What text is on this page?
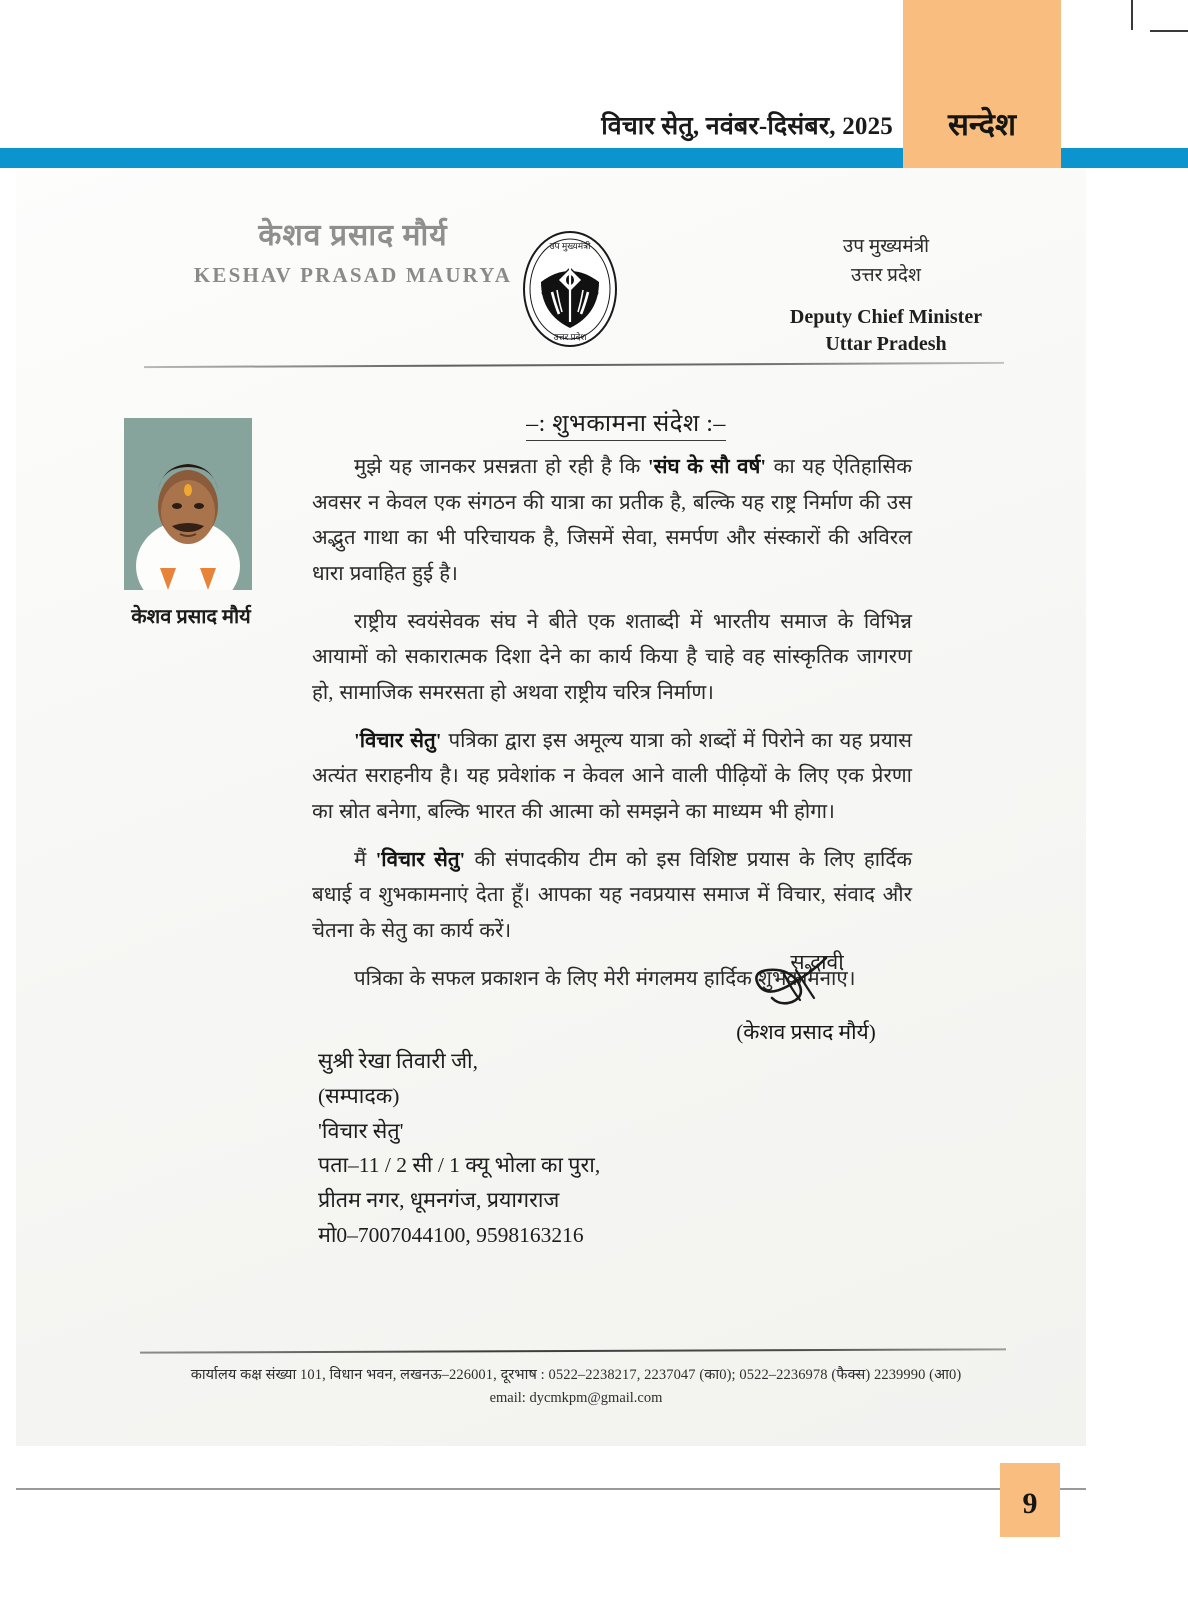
विचार सेतु, नवंबर-दिसंबर, 2025	सन्देश
केशव प्रसाद मौर्य
KESHAV PRASAD MAURYA
उप मुख्यमंत्री
उत्तर प्रदेश
उप मुख्यमंत्री
उत्तर प्रदेश
Deputy Chief Minister
Uttar Pradesh
–: शुभकामना संदेश :–
केशव प्रसाद मौर्य

मुझे यह जानकर प्रसन्नता हो रही है कि 'संघ के सौ वर्ष' का यह ऐतिहासिक अवसर न केवल एक संगठन की यात्रा का प्रतीक है, बल्कि यह राष्ट्र निर्माण की उस अद्भुत गाथा का भी परिचायक है, जिसमें सेवा, समर्पण और संस्कारों की अविरल धारा प्रवाहित हुई है।

राष्ट्रीय स्वयंसेवक संघ ने बीते एक शताब्दी में भारतीय समाज के विभिन्न आयामों को सकारात्मक दिशा देने का कार्य किया है चाहे वह सांस्कृतिक जागरण हो, सामाजिक समरसता हो अथवा राष्ट्रीय चरित्र निर्माण।

'विचार सेतु' पत्रिका द्वारा इस अमूल्य यात्रा को शब्दों में पिरोने का यह प्रयास अत्यंत सराहनीय है। यह प्रवेशांक न केवल आने वाली पीढ़ियों के लिए एक प्रेरणा का स्रोत बनेगा, बल्कि भारत की आत्मा को समझने का माध्यम भी होगा।

मैं 'विचार सेतु' की संपादकीय टीम को इस विशिष्ट प्रयास के लिए हार्दिक बधाई व शुभकामनाएं देता हूँ। आपका यह नवप्रयास समाज में विचार, संवाद और चेतना के सेतु का कार्य करें।

पत्रिका के सफल प्रकाशन के लिए मेरी मंगलमय हार्दिक शुभकामनाएं।

सद्भावी
(केशव प्रसाद मौर्य)
सुश्री रेखा तिवारी जी,
(सम्पादक)
'विचार सेतु'
पता–11 / 2 सी / 1 क्यू भोला का पुरा,
प्रीतम नगर, धूमनगंज, प्रयागराज
मो0–7007044100, 9598163216
कार्यालय कक्ष संख्या 101, विधान भवन, लखनऊ–226001, दूरभाष : 0522–2238217, 2237047 (का0); 0522–2236978 (फैक्स) 2239990 (आ0)
email: dycmkpm@gmail.com
9
